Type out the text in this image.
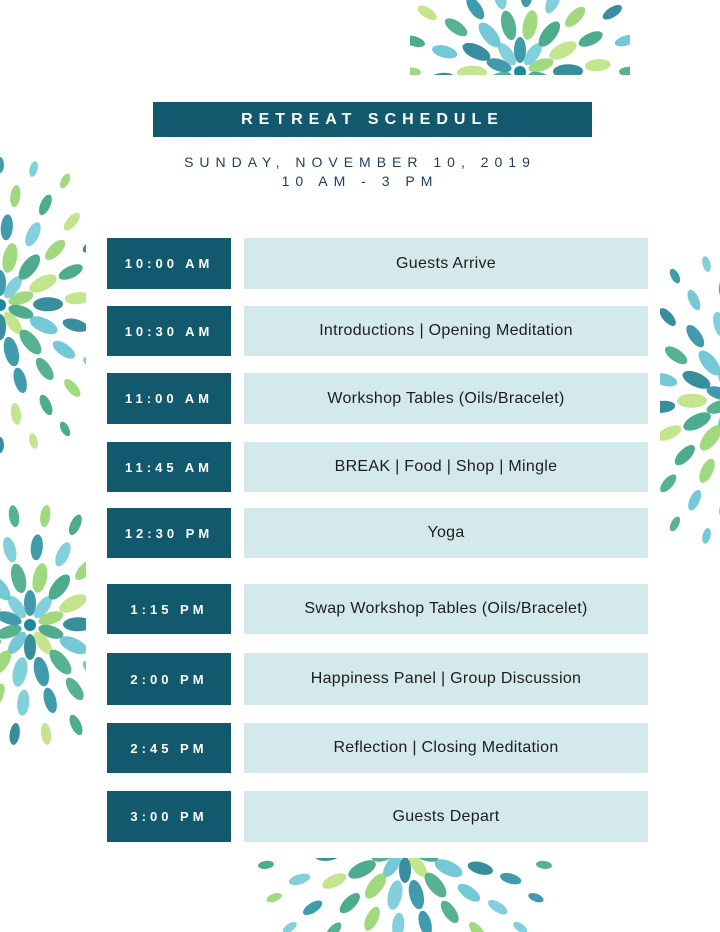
RETREAT SCHEDULE
SUNDAY, NOVEMBER 10, 2019
10 AM - 3 PM
10:00 AM	Guests Arrive
10:30 AM	Introductions | Opening Meditation
11:00 AM	Workshop Tables (Oils/Bracelet)
11:45 AM	BREAK | Food | Shop | Mingle
12:30 PM	Yoga
1:15 PM	Swap Workshop Tables (Oils/Bracelet)
2:00 PM	Happiness Panel | Group Discussion
2:45 PM	Reflection | Closing Meditation
3:00 PM	Guests Depart
